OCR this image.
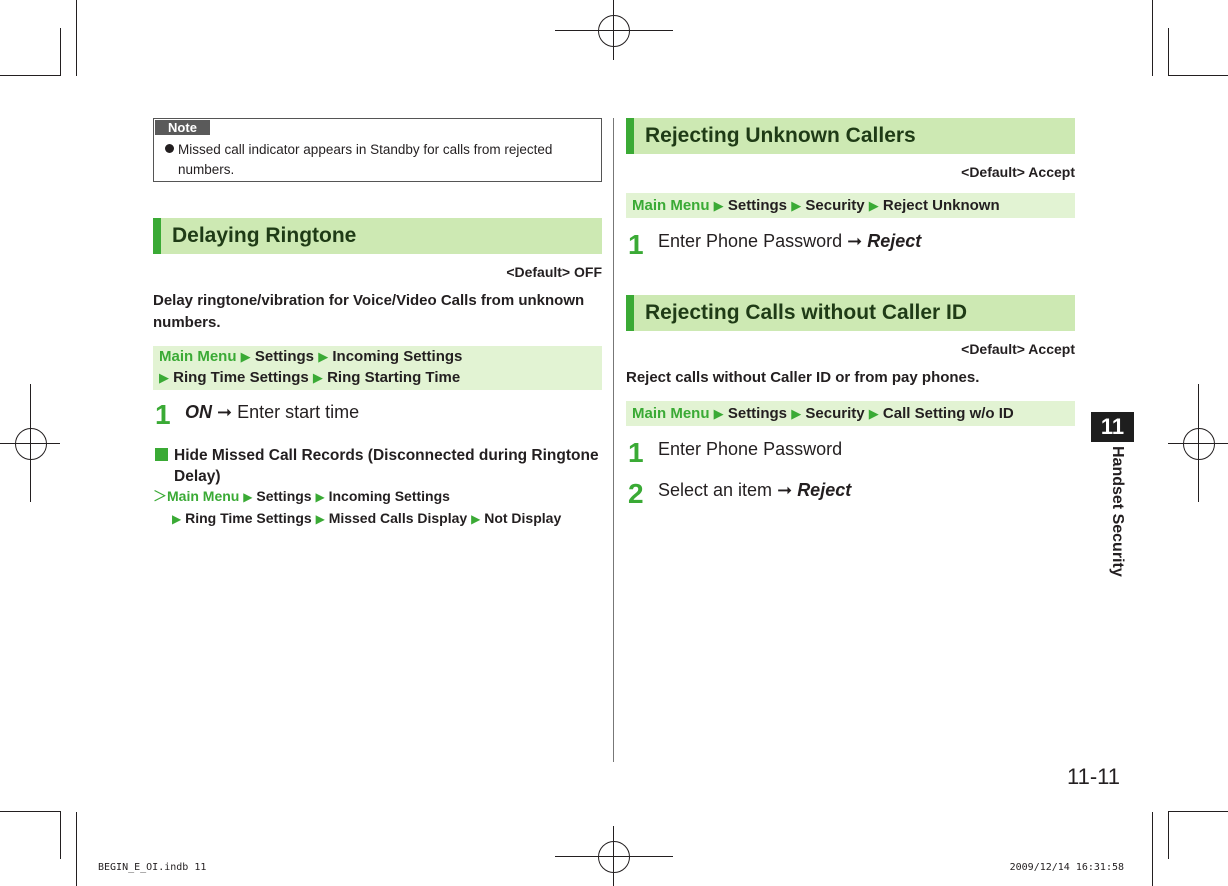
Note
Missed call indicator appears in Standby for calls from rejected numbers.
Delaying Ringtone
<Default> OFF
Delay ringtone/vibration for Voice/Video Calls from unknown numbers.
Main Menu ▶ Settings ▶ Incoming Settings
▶ Ring Time Settings ▶ Ring Starting Time
1 ON ➞ Enter start time
Hide Missed Call Records (Disconnected during Ringtone Delay)
＞Main Menu ▶ Settings ▶ Incoming Settings
▶ Ring Time Settings ▶ Missed Calls Display ▶ Not Display
Rejecting Unknown Callers
<Default> Accept
Main Menu ▶ Settings ▶ Security ▶ Reject Unknown
1 Enter Phone Password ➞ Reject
Rejecting Calls without Caller ID
<Default> Accept
Reject calls without Caller ID or from pay phones.
Main Menu ▶ Settings ▶ Security ▶ Call Setting w/o ID
1 Enter Phone Password
2 Select an item ➞ Reject
11
Handset Security
11-11
BEGIN_E_OI.indb 11	2009/12/14 16:31:58
